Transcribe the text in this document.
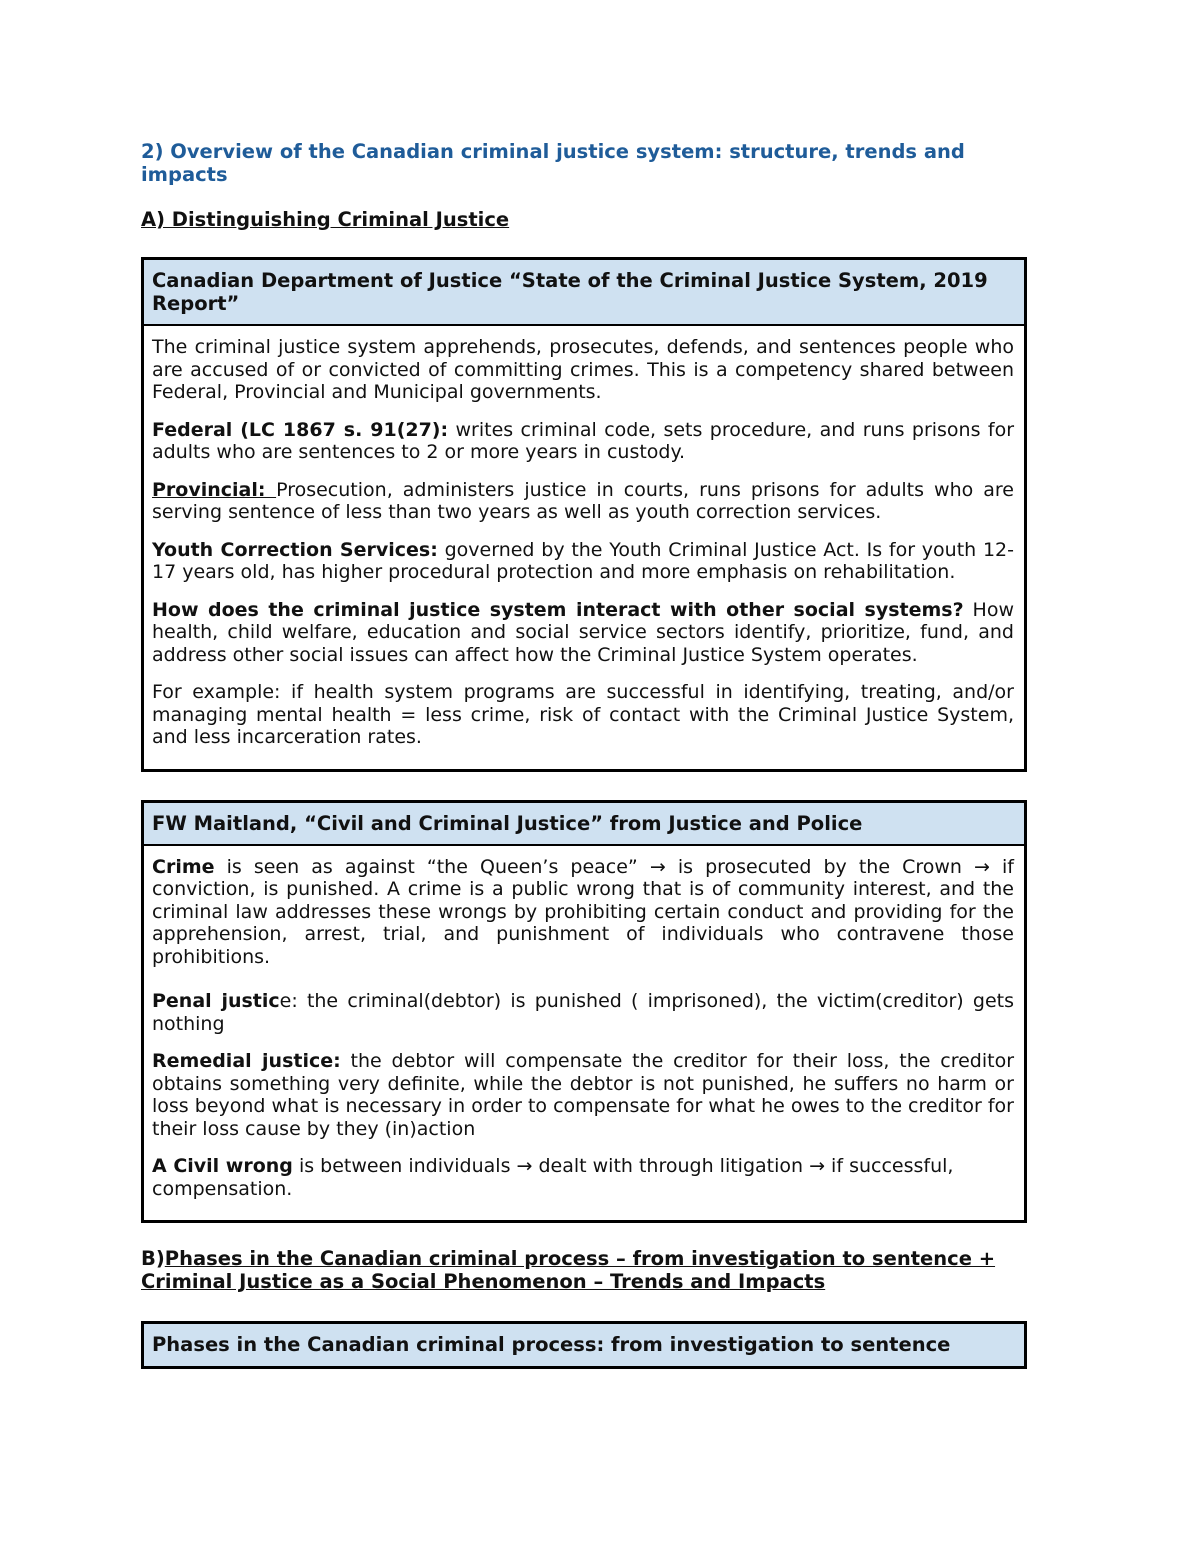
2) Overview of the Canadian criminal justice system: structure, trends and impacts
A) Distinguishing Criminal Justice
Canadian Department of Justice “State of the Criminal Justice System, 2019 Report”

The criminal justice system apprehends, prosecutes, defends, and sentences people who are accused of or convicted of committing crimes. This is a competency shared between Federal, Provincial and Municipal governments.

Federal (LC 1867 s. 91(27): writes criminal code, sets procedure, and runs prisons for adults who are sentences to 2 or more years in custody.

Provincial: Prosecution, administers justice in courts, runs prisons for adults who are serving sentence of less than two years as well as youth correction services.

Youth Correction Services: governed by the Youth Criminal Justice Act. Is for youth 12-17 years old, has higher procedural protection and more emphasis on rehabilitation.

How does the criminal justice system interact with other social systems? How health, child welfare, education and social service sectors identify, prioritize, fund, and address other social issues can affect how the Criminal Justice System operates.

For example: if health system programs are successful in identifying, treating, and/or managing mental health = less crime, risk of contact with the Criminal Justice System, and less incarceration rates.

FW Maitland, “Civil and Criminal Justice” from Justice and Police

Crime is seen as against “the Queen’s peace” → is prosecuted by the Crown → if conviction, is punished. A crime is a public wrong that is of community interest, and the criminal law addresses these wrongs by prohibiting certain conduct and providing for the apprehension, arrest, trial, and punishment of individuals who contravene those prohibitions.

Penal justice: the criminal(debtor) is punished ( imprisoned), the victim(creditor) gets nothing

Remedial justice: the debtor will compensate the creditor for their loss, the creditor obtains something very definite, while the debtor is not punished, he suffers no harm or loss beyond what is necessary in order to compensate for what he owes to the creditor for their loss cause by they (in)action

A Civil wrong is between individuals → dealt with through litigation → if successful, compensation.

B)Phases in the Canadian criminal process – from investigation to sentence + Criminal Justice as a Social Phenomenon – Trends and Impacts
Phases in the Canadian criminal process: from investigation to sentence
